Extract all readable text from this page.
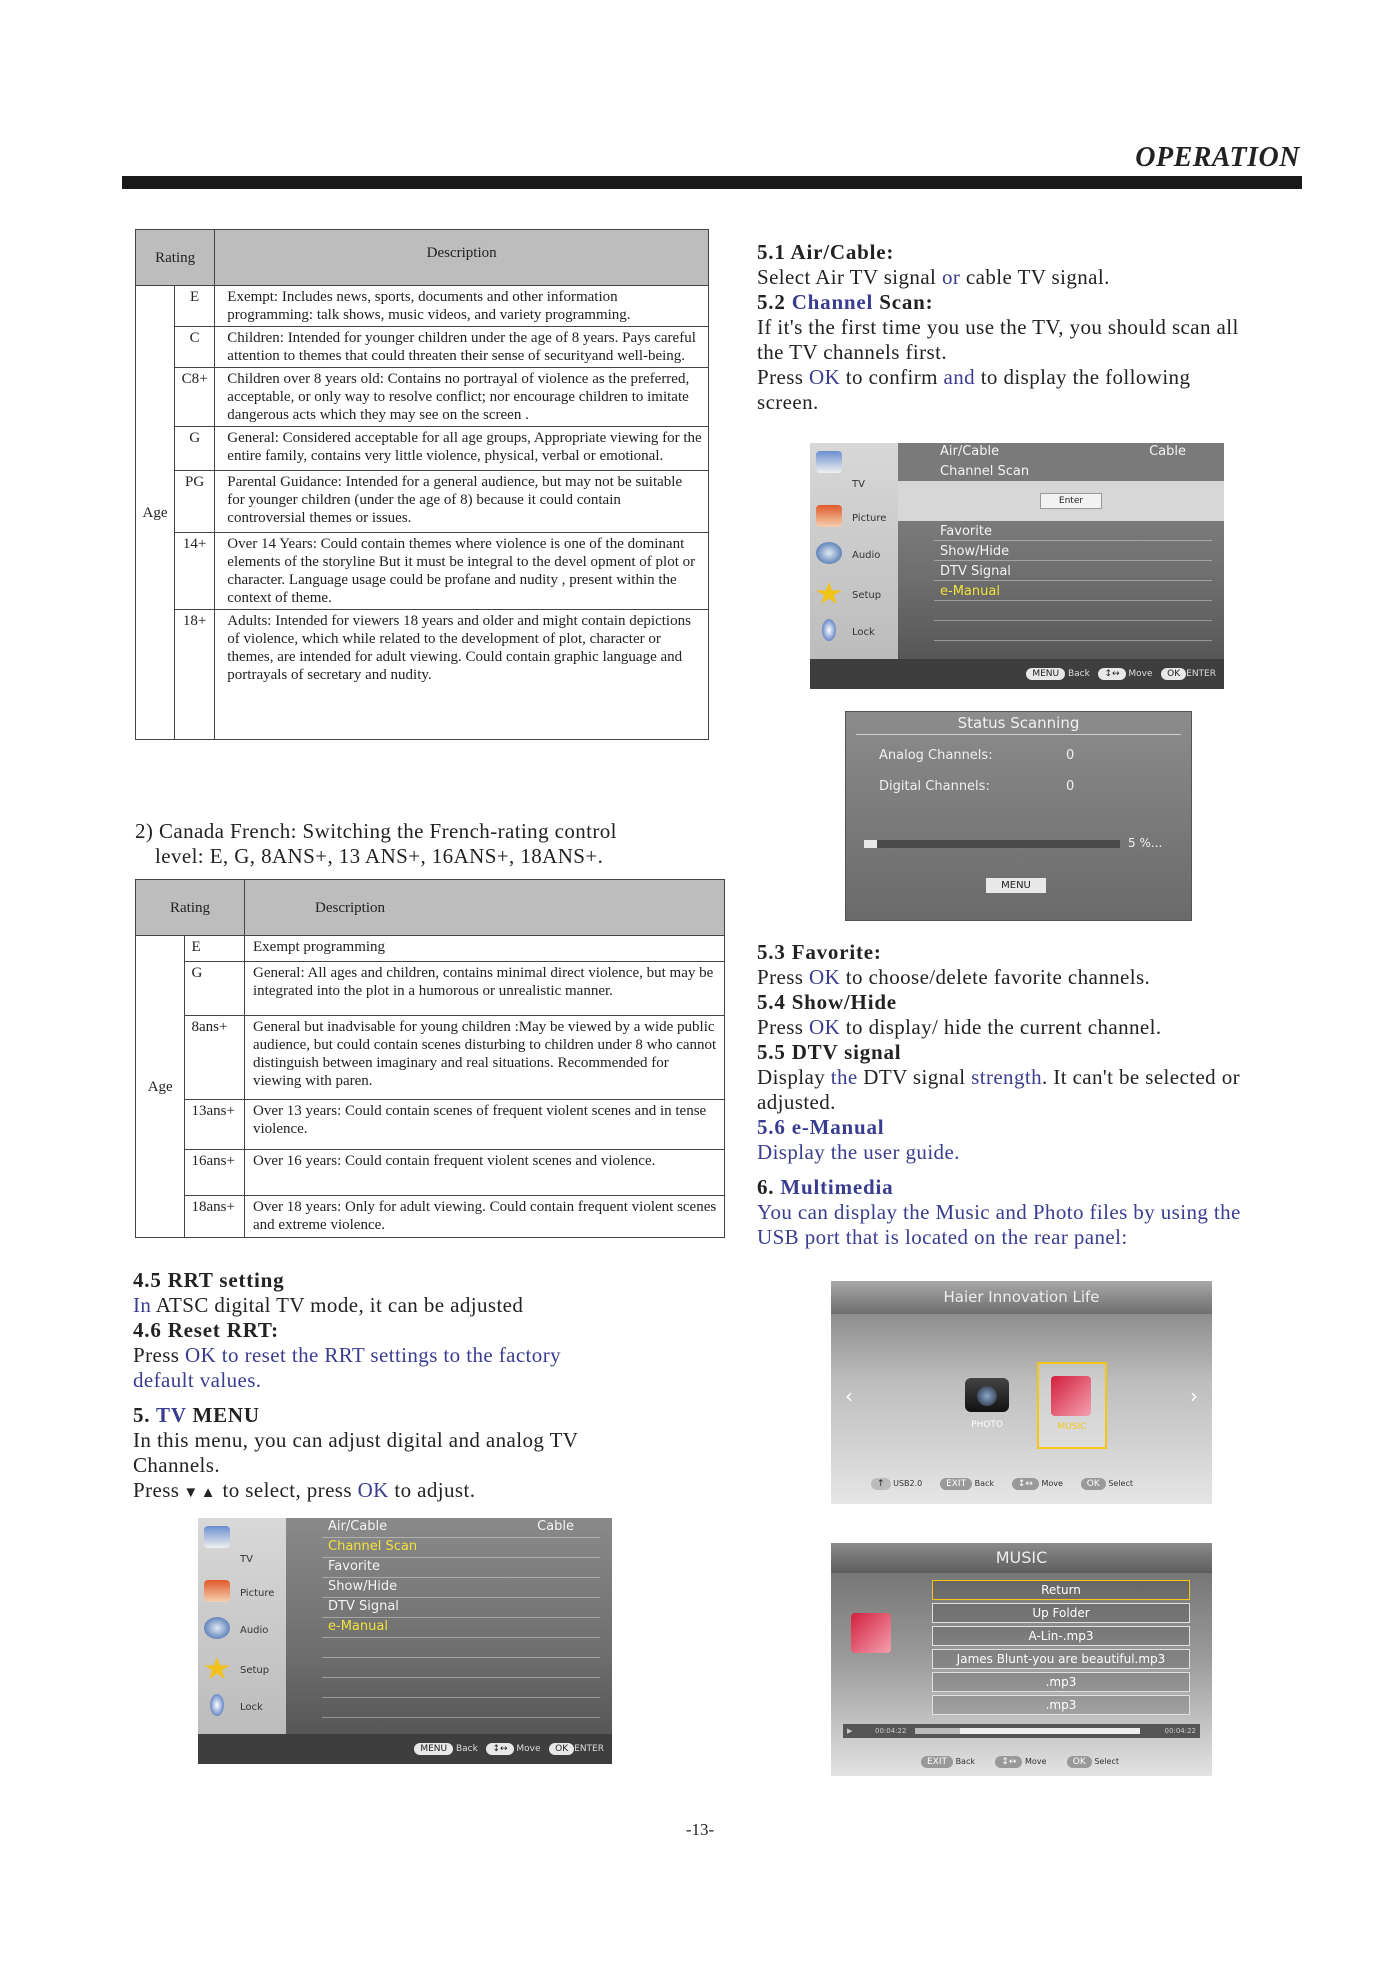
OPERATION
Rating		Description
Age	E	Exempt: Includes news, sports, documents and other information programming: talk shows, music videos, and variety programming.
	C	Children: Intended for younger children under the age of 8 years. Pays careful attention to themes that could threaten their sense of securityand well-being.
	C8+	Children over 8 years old: Contains no portrayal of violence as the preferred, acceptable, or only way to resolve conflict; nor encourage children to imitate dangerous acts which they may see on the screen .
	G	General: Considered acceptable for all age groups, Appropriate viewing for the entire family, contains very little violence, physical, verbal or emotional.
	PG	Parental Guidance: Intended for a general audience, but may not be suitable for younger children (under the age of 8) because it could contain controversial themes or issues.
	14+	Over 14 Years: Could contain themes where violence is one of the dominant elements of the storyline But it must be integral to the devel opment of plot or character. Language usage could be profane and nudity , present within the context of theme.
	18+	Adults: Intended for viewers 18 years and older and might contain depictions of violence, which while related to the development of plot, character or themes, are intended for adult viewing. Could contain graphic language and portrayals of secretary and nudity.
Rating		Description
Age	E	Exempt programming
	G	General: All ages and children, contains minimal direct violence, but may be integrated into the plot in a humorous or unrealistic manner.
	8ans+	General but inadvisable for young children :May be viewed by a wide public audience, but could contain scenes disturbing to children under 8 who cannot distinguish between imaginary and real situations. Recommended for viewing with paren.
	13ans+	Over 13 years: Could contain scenes of frequent violent scenes and in tense violence.
	16ans+	Over 16 years: Could contain frequent violent scenes and violence.
	18ans+	Over 18 years: Only for adult viewing. Could contain frequent violent scenes and extreme violence.
2) Canada French: Switching the French-rating control
level: E, G, 8ANS+, 13 ANS+, 16ANS+, 18ANS+.
4.5 RRT setting
In ATSC digital TV mode, it can be adjusted
4.6 Reset RRT:
Press OK to reset the RRT settings to the factory
default values.
5. TV MENU
In this menu, you can adjust digital and analog TV
Channels.
Press ▼ ▲ to select, press OK to adjust.
5.1 Air/Cable:
Select Air TV signal or cable TV signal.
5.2 Channel Scan:
If it's the first time you use the TV, you should scan all
the TV channels first.
Press OK to confirm and to display the following
screen.
5.3 Favorite:
Press OK to choose/delete favorite channels.
5.4 Show/Hide
Press OK to display/ hide the current channel.
5.5 DTV signal
Display the DTV signal strength. It can't be selected or
adjusted.
5.6 e-Manual
Display the user guide.
6. Multimedia
You can display the Music and Photo files by using the
USB port that is located on the rear panel:
TV
Picture
Audio
Setup
Lock
Air/Cable	Cable
Channel Scan
Enter
Favorite
Show/Hide
DTV Signal
e-Manual
MENU Back ↕↔ Move OK ENTER
Status Scanning
Analog Channels:	0
Digital Channels:	0
5 %...
MENU
TV
Picture
Audio
Setup
Lock
Air/Cable	Cable
Channel Scan
Favorite
Show/Hide
DTV Signal
e-Manual
MENU Back ↕↔ Move OK ENTER
Haier Innovation Life
‹	›
PHOTO	MUSIC
↑ USB2.0	EXIT Back	↕↔ Move	OK Select
MUSIC
Return
Up Folder
A-Lin-.mp3
James Blunt-you are beautiful.mp3
.mp3
.mp3
▶	00:04:22	00:04:22
EXIT Back	↕↔ Move	OK Select
-13-
